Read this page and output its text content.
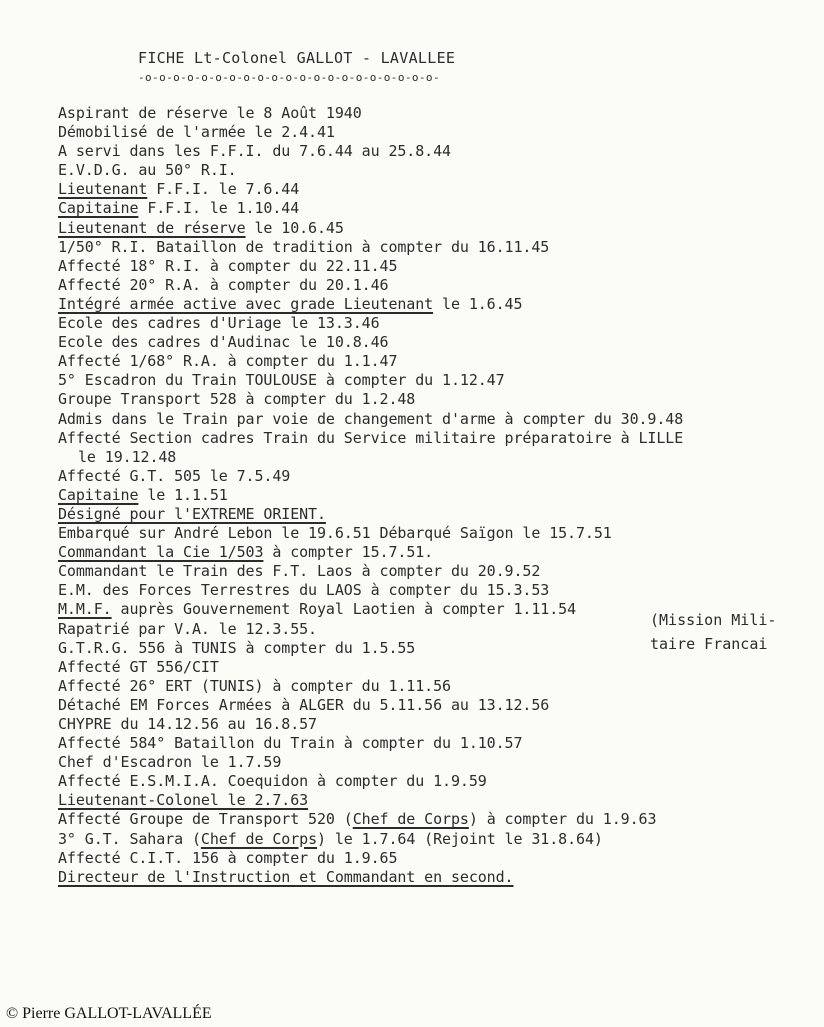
FICHE Lt-Colonel GALLOT - LAVALLEE

-o-o-o-o-o-o-o-o-o-o-o-o-o-o-o-o-o-o-o-o-o-

Aspirant de réserve le 8 Août 1940
Démobilisé de l'armée le 2.4.41
A servi dans les F.F.I. du 7.6.44 au 25.8.44
E.V.D.G. au 50° R.I.
Lieutenant F.F.I. le 7.6.44
Capitaine F.F.I. le 1.10.44
Lieutenant de réserve le 10.6.45
1/50° R.I. Bataillon de tradition à compter du 16.11.45
Affecté 18° R.I. à compter du 22.11.45
Affecté 20° R.A. à compter du 20.1.46
Intégré armée active avec grade Lieutenant le 1.6.45
Ecole des cadres d'Uriage le 13.3.46
Ecole des cadres d'Audinac le 10.8.46
Affecté 1/68° R.A. à compter du 1.1.47
5° Escadron du Train TOULOUSE à compter du 1.12.47
Groupe Transport 528 à compter du 1.2.48
Admis dans le Train par voie de changement d'arme à compter du 30.9.48
Affecté Section cadres Train du Service militaire préparatoire à LILLE
le 19.12.48
Affecté G.T. 505 le 7.5.49
Capitaine le 1.1.51
Désigné pour l'EXTREME ORIENT.
Embarqué sur André Lebon le 19.6.51 Débarqué Saïgon le 15.7.51
Commandant la Cie 1/503 à compter 15.7.51.
Commandant le Train des F.T. Laos à compter du 20.9.52
E.M. des Forces Terrestres du LAOS à compter du 15.3.53
M.M.F. auprès Gouvernement Royal Laotien à compter 1.11.54
Rapatrié par V.A. le 12.3.55.
G.T.R.G. 556 à TUNIS à compter du 1.5.55
Affecté GT 556/CIT
Affecté 26° ERT (TUNIS) à compter du 1.11.56
Détaché EM Forces Armées à ALGER du 5.11.56 au 13.12.56
CHYPRE du 14.12.56 au 16.8.57
Affecté 584° Bataillon du Train à compter du 1.10.57
Chef d'Escadron le 1.7.59
Affecté E.S.M.I.A. Coequidon à compter du 1.9.59
Lieutenant-Colonel le 2.7.63
Affecté Groupe de Transport 520 (Chef de Corps) à compter du 1.9.63
3° G.T. Sahara (Chef de Corps) le 1.7.64 (Rejoint le 31.8.64)
Affecté C.I.T. 156 à compter du 1.9.65
Directeur de l'Instruction et Commandant en second.

(Mission Mili-
taire Francai

© Pierre GALLOT-LAVALLÉE
